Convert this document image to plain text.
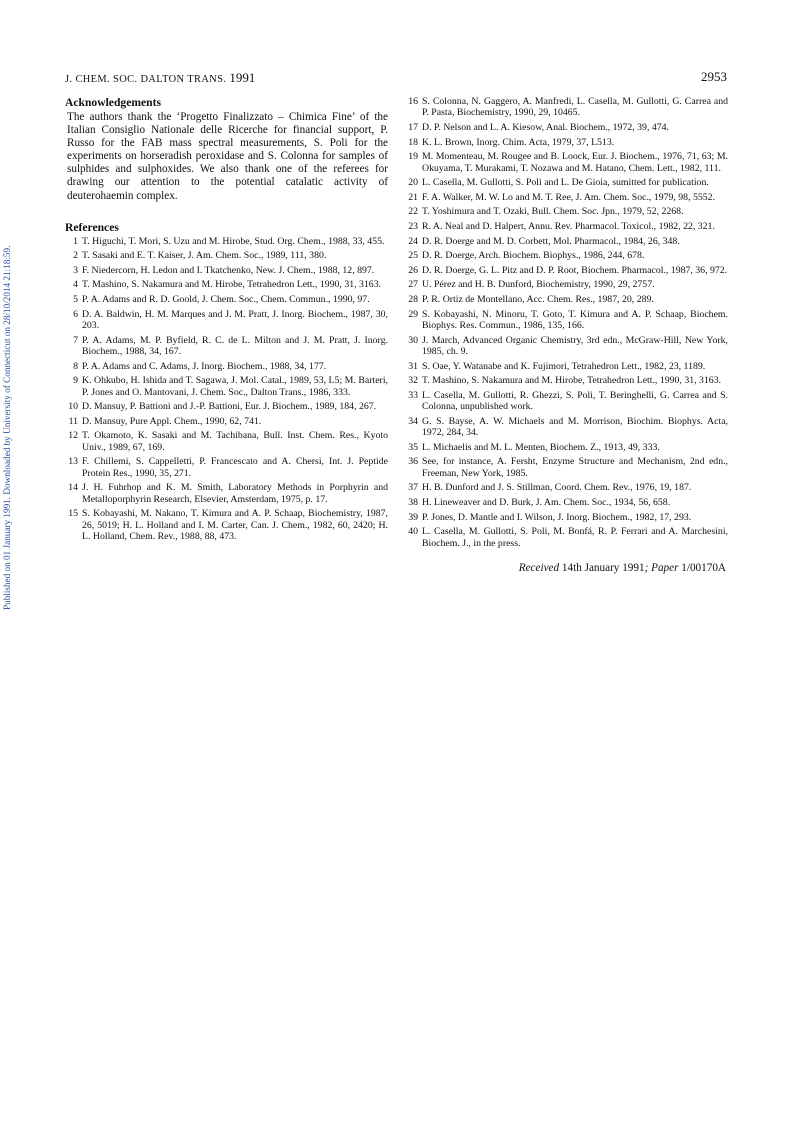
Published on 01 January 1991. Downloaded by University of Connecticut on 28/10/2014 21:18:59.
J. CHEM. SOC. DALTON TRANS. 1991	2953
Acknowledgements

The authors thank the ‘Progetto Finalizzato – Chimica Fine’ of the Italian Consiglio Nationale delle Ricerche for financial support, P. Russo for the FAB mass spectral measurements, S. Poli for the experiments on horseradish peroxidase and S. Colonna for samples of sulphides and sulphoxides. We also thank one of the referees for drawing our attention to the potential catalatic activity of deuterohaemin complex.

References
1 T. Higuchi, T. Mori, S. Uzu and M. Hirobe, Stud. Org. Chem., 1988, 33, 455.
2 T. Sasaki and E. T. Kaiser, J. Am. Chem. Soc., 1989, 111, 380.
3 F. Niedercorn, H. Ledon and I. Tkatchenko, New. J. Chem., 1988, 12, 897.
4 T. Mashino, S. Nakamura and M. Hirobe, Tetrahedron Lett., 1990, 31, 3163.
5 P. A. Adams and R. D. Goold, J. Chem. Soc., Chem. Commun., 1990, 97.
6 D. A. Baldwin, H. M. Marques and J. M. Pratt, J. Inorg. Biochem., 1987, 30, 203.
7 P. A. Adams, M. P. Byfield, R. C. de L. Milton and J. M. Pratt, J. Inorg. Biochem., 1988, 34, 167.
8 P. A. Adams and C. Adams, J. Inorg. Biochem., 1988, 34, 177.
9 K. Ohkubo, H. Ishida and T. Sagawa, J. Mol. Catal., 1989, 53, L5; M. Barteri, P. Jones and O. Mantovani, J. Chem. Soc., Dalton Trans., 1986, 333.
10 D. Mansuy, P. Battioni and J.-P. Battioni, Eur. J. Biochem., 1989, 184, 267.
11 D. Mansuy, Pure Appl. Chem., 1990, 62, 741.
12 T. Okamoto, K. Sasaki and M. Tachibana, Bull. Inst. Chem. Res., Kyoto Univ., 1989, 67, 169.
13 F. Chillemi, S. Cappelletti, P. Francescato and A. Chersi, Int. J. Peptide Protein Res., 1990, 35, 271.
14 J. H. Fuhrhop and K. M. Smith, Laboratory Methods in Porphyrin and Metalloporphyrin Research, Elsevier, Amsterdam, 1975, p. 17.
15 S. Kobayashi, M. Nakano, T. Kimura and A. P. Schaap, Biochemistry, 1987, 26, 5019; H. L. Holland and I. M. Carter, Can. J. Chem., 1982, 60, 2420; H. L. Holland, Chem. Rev., 1988, 88, 473.
16 S. Colonna, N. Gaggero, A. Manfredi, L. Casella, M. Gullotti, G. Carrea and P. Pasta, Biochemistry, 1990, 29, 10465.
17 D. P. Nelson and L. A. Kiesow, Anal. Biochem., 1972, 39, 474.
18 K. L. Brown, Inorg. Chim. Acta, 1979, 37, L513.
19 M. Momenteau, M. Rougee and B. Loock, Eur. J. Biochem., 1976, 71, 63; M. Okuyama, T. Murakami, T. Nozawa and M. Hatano, Chem. Lett., 1982, 111.
20 L. Casella, M. Gullotti, S. Poli and L. De Gioia, sumitted for publication.
21 F. A. Walker, M. W. Lo and M. T. Ree, J. Am. Chem. Soc., 1979, 98, 5552.
22 T. Yoshimura and T. Ozaki, Bull. Chem. Soc. Jpn., 1979, 52, 2268.
23 R. A. Neal and D. Halpert, Annu. Rev. Pharmacol. Toxicol., 1982, 22, 321.
24 D. R. Doerge and M. D. Corbett, Mol. Pharmacol., 1984, 26, 348.
25 D. R. Doerge, Arch. Biochem. Biophys., 1986, 244, 678.
26 D. R. Doerge, G. L. Pitz and D. P. Root, Biochem. Pharmacol., 1987, 36, 972.
27 U. Pérez and H. B. Dunford, Biochemistry, 1990, 29, 2757.
28 P. R. Ortiz de Montellano, Acc. Chem. Res., 1987, 20, 289.
29 S. Kobayashi, N. Minoru, T. Goto, T. Kimura and A. P. Schaap, Biochem. Biophys. Res. Commun., 1986, 135, 166.
30 J. March, Advanced Organic Chemistry, 3rd edn., McGraw-Hill, New York, 1985, ch. 9.
31 S. Oae, Y. Watanabe and K. Fujimori, Tetrahedron Lett., 1982, 23, 1189.
32 T. Mashino, S. Nakamura and M. Hirobe, Tetrahedron Lett., 1990, 31, 3163.
33 L. Casella, M. Gullotti, R. Ghezzi, S. Poli, T. Beringhelli, G. Carrea and S. Colonna, unpublished work.
34 G. S. Bayse, A. W. Michaels and M. Morrison, Biochim. Biophys. Acta, 1972, 284, 34.
35 L. Michaelis and M. L. Menten, Biochem. Z., 1913, 49, 333.
36 See, for instance, A. Fersht, Enzyme Structure and Mechanism, 2nd edn., Freeman, New York, 1985.
37 H. B. Dunford and J. S. Stillman, Coord. Chem. Rev., 1976, 19, 187.
38 H. Lineweaver and D. Burk, J. Am. Chem. Soc., 1934, 56, 658.
39 P. Jones, D. Mantle and I. Wilson, J. Inorg. Biochem., 1982, 17, 293.
40 L. Casella, M. Gullotti, S. Poli, M. Bonfá, R. P. Ferrari and A. Marchesini, Biochem. J., in the press.
Received 14th January 1991; Paper 1/00170A
